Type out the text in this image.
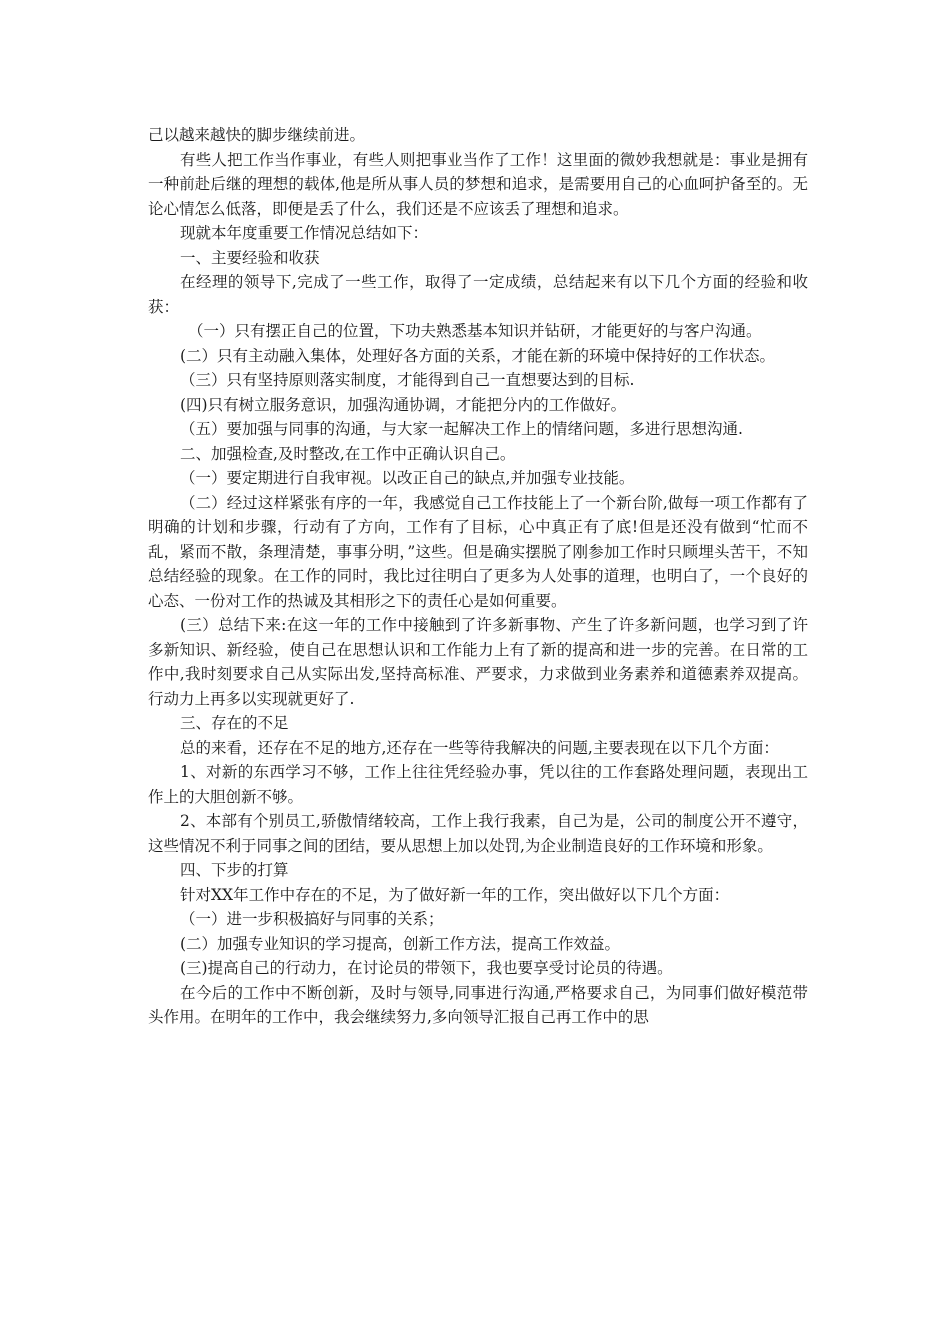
己以越来越快的脚步继续前进。

有些人把工作当作事业，有些人则把事业当作了工作！这里面的微妙我想就是：事业是拥有一种前赴后继的理想的载体,他是所从事人员的梦想和追求，是需要用自己的心血呵护备至的。无论心情怎么低落，即便是丢了什么，我们还是不应该丢了理想和追求。

现就本年度重要工作情况总结如下：

一、主要经验和收获

在经理的领导下,完成了一些工作，取得了一定成绩，总结起来有以下几个方面的经验和收获：

（一）只有摆正自己的位置，下功夫熟悉基本知识并钻研，才能更好的与客户沟通。

(二）只有主动融入集体，处理好各方面的关系，才能在新的环境中保持好的工作状态。

（三）只有坚持原则落实制度，才能得到自己一直想要达到的目标.

(四)只有树立服务意识，加强沟通协调，才能把分内的工作做好。

（五）要加强与同事的沟通，与大家一起解决工作上的情绪问题，多进行思想沟通.

二、加强检查,及时整改,在工作中正确认识自己。

（一）要定期进行自我审视。以改正自己的缺点,并加强专业技能。

（二）经过这样紧张有序的一年，我感觉自己工作技能上了一个新台阶,做每一项工作都有了明确的计划和步骤，行动有了方向，工作有了目标，心中真正有了底!但是还没有做到“忙而不乱，紧而不散，条理清楚，事事分明，”这些。但是确实摆脱了刚参加工作时只顾埋头苦干，不知总结经验的现象。在工作的同时，我比过往明白了更多为人处事的道理，也明白了，一个良好的心态、一份对工作的热诚及其相形之下的责任心是如何重要。

(三）总结下来:在这一年的工作中接触到了许多新事物、产生了许多新问题，也学习到了许多新知识、新经验，使自己在思想认识和工作能力上有了新的提高和进一步的完善。在日常的工作中,我时刻要求自己从实际出发,坚持高标准、严要求，力求做到业务素养和道德素养双提高。行动力上再多以实现就更好了.

三、存在的不足

总的来看，还存在不足的地方,还存在一些等待我解决的问题,主要表现在以下几个方面：

1、对新的东西学习不够，工作上往往凭经验办事，凭以往的工作套路处理问题，表现出工作上的大胆创新不够。

2、本部有个别员工,骄傲情绪较高，工作上我行我素，自己为是，公司的制度公开不遵守，这些情况不利于同事之间的团结，要从思想上加以处罚,为企业制造良好的工作环境和形象。

四、下步的打算

针对XX年工作中存在的不足，为了做好新一年的工作，突出做好以下几个方面：

（一）进一步积极搞好与同事的关系；

(二）加强专业知识的学习提高，创新工作方法，提高工作效益。

(三)提高自己的行动力，在讨论员的带领下，我也要享受讨论员的待遇。

在今后的工作中不断创新，及时与领导,同事进行沟通,严格要求自己，为同事们做好模范带头作用。在明年的工作中，我会继续努力,多向领导汇报自己再工作中的思
